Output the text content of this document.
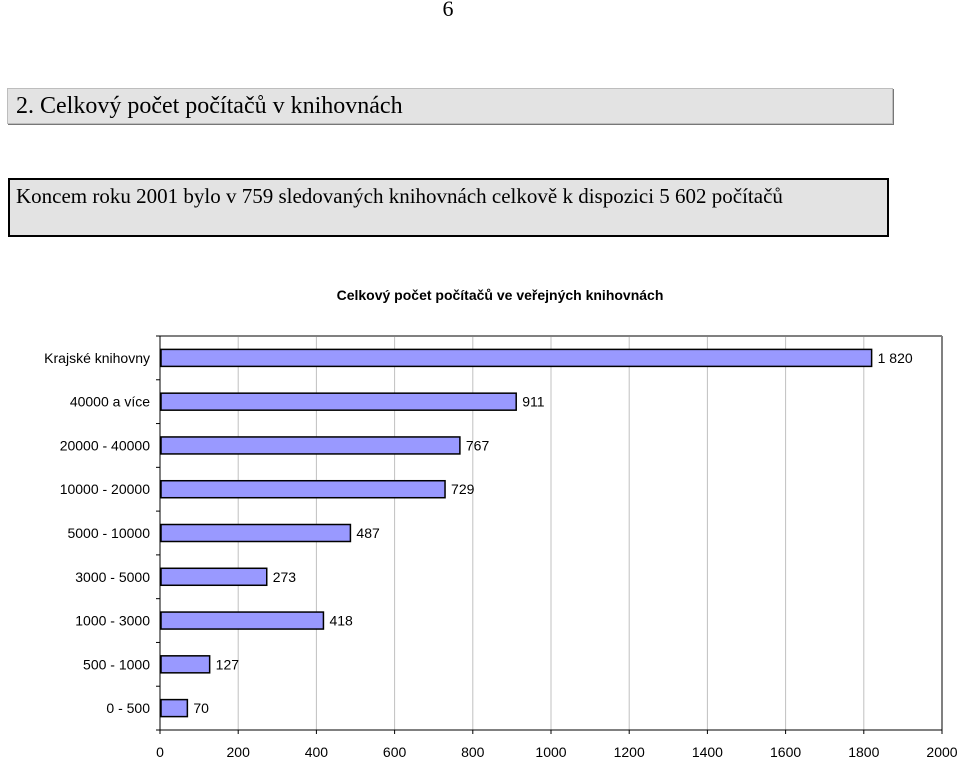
6
2. Celkový počet počítačů v knihovnách
Koncem roku 2001 bylo v 759 sledovaných knihovnách celkově k dispozici 5 602 počítačů
Celkový počet počítačů ve veřejných knihovnách
0	200	400	600	800	1000	1200	1400	1600	1800	2000
Krajské knihovny	1 820
40000 a více	911
20000 - 40000	767
10000 - 20000	729
5000 - 10000	487
3000 - 5000	273
1000 - 3000	418
500 - 1000	127
0 - 500	70
